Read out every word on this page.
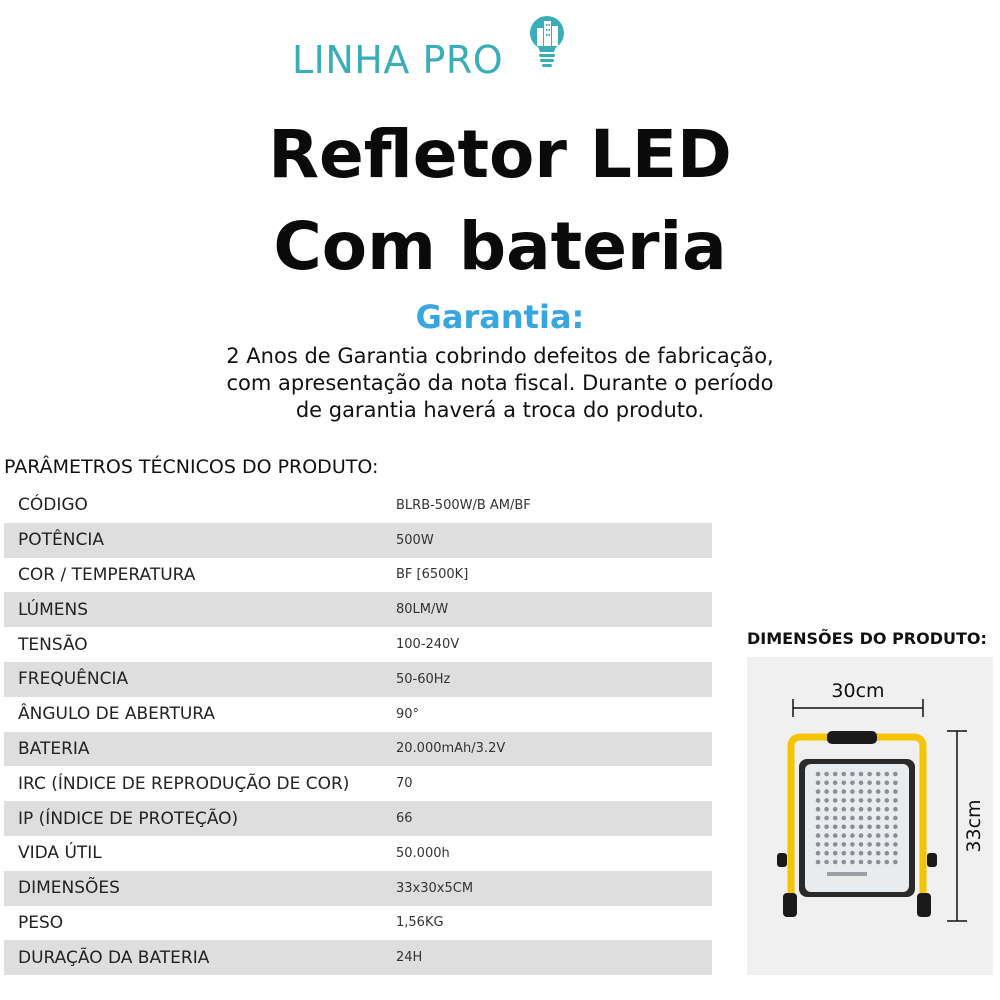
LINHA PRO
Refletor LED
Com bateria
Garantia:
2 Anos de Garantia cobrindo defeitos de fabricação,
com apresentação da nota fiscal. Durante o período
de garantia haverá a troca do produto.
PARÂMETROS TÉCNICOS DO PRODUTO:
CÓDIGO	BLRB-500W/B AM/BF
POTÊNCIA	500W
COR / TEMPERATURA	BF [6500K]
LÚMENS	80LM/W
TENSÃO	100-240V
FREQUÊNCIA	50-60Hz
ÂNGULO DE ABERTURA	90°
BATERIA	20.000mAh/3.2V
IRC (ÍNDICE DE REPRODUÇÃO DE COR)	70
IP (ÍNDICE DE PROTEÇÃO)	66
VIDA ÚTIL	50.000h
DIMENSÕES	33x30x5CM
PESO	1,56KG
DURAÇÃO DA BATERIA	24H
DIMENSÕES DO PRODUTO:
30cm
33cm
